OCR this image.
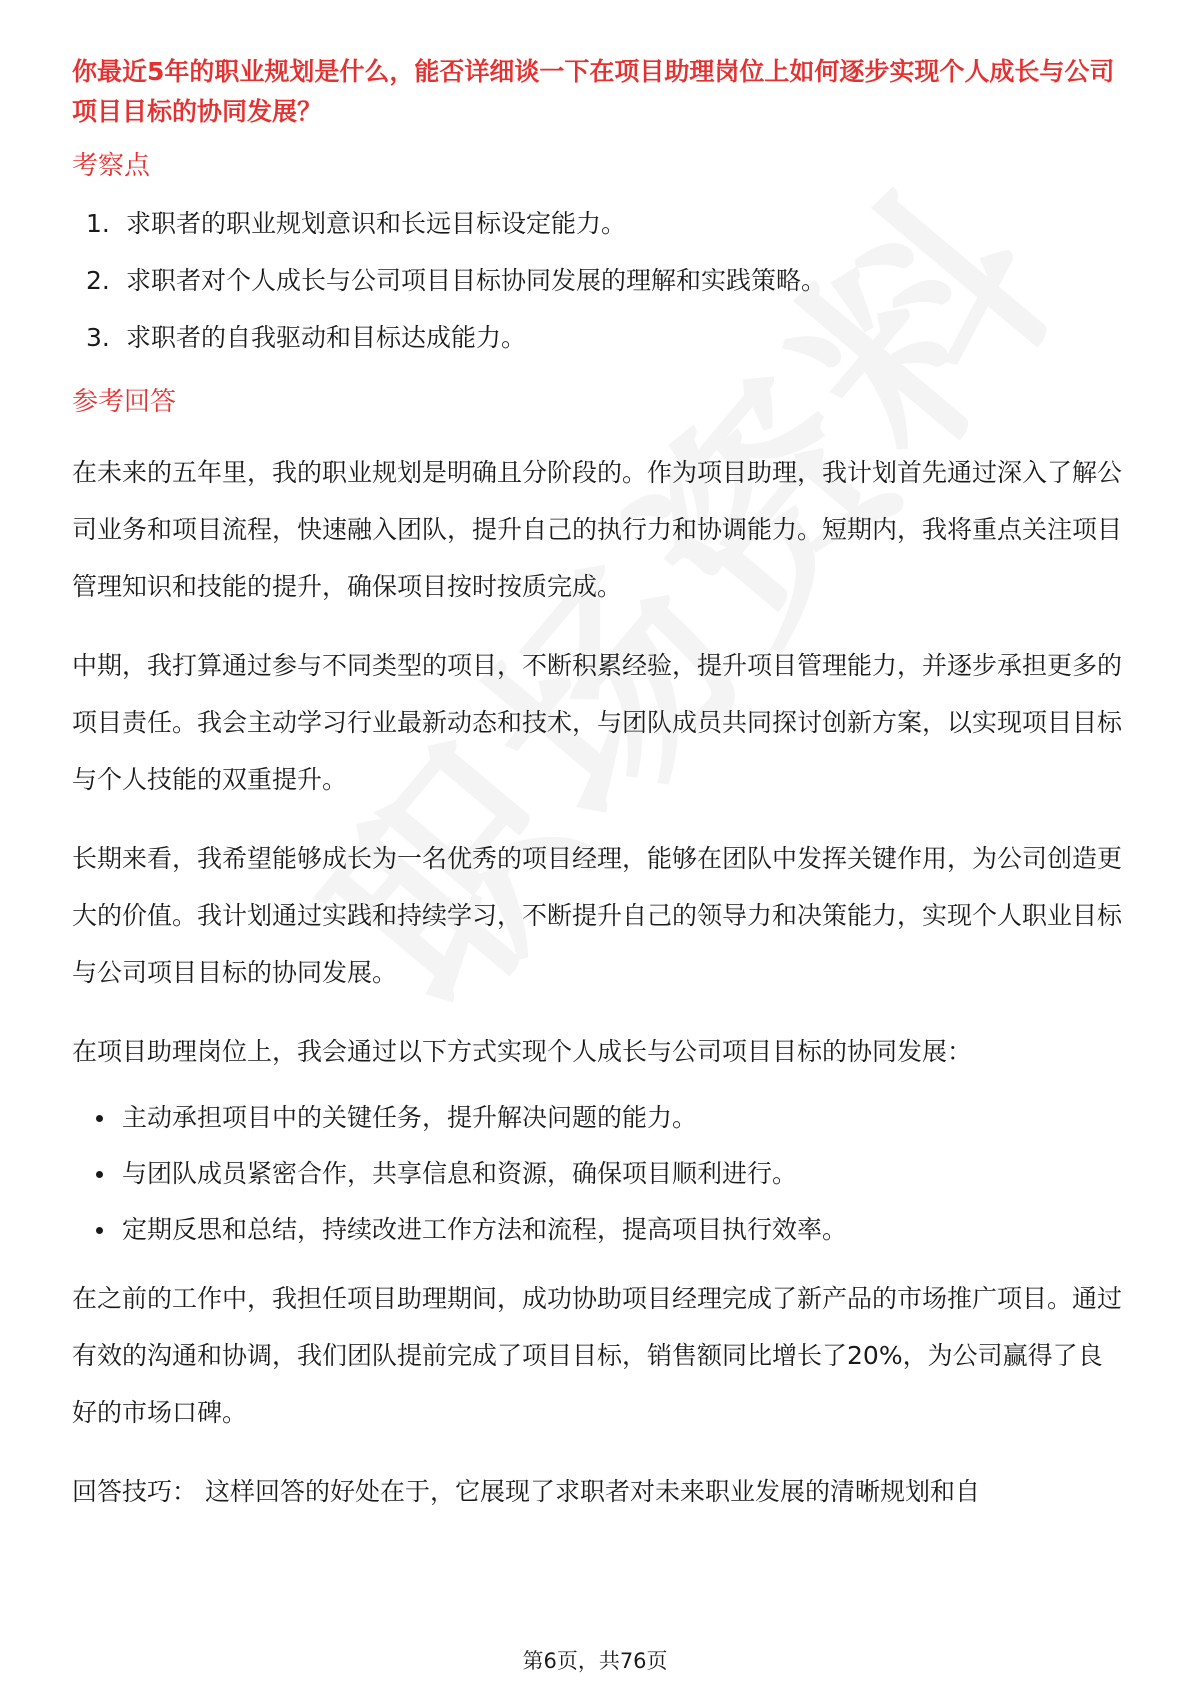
你最近5年的职业规划是什么，能否详细谈一下在项目助理岗位上如何逐步实现个人成长与公司项目目标的协同发展？

考察点

1. 求职者的职业规划意识和长远目标设定能力。
2. 求职者对个人成长与公司项目目标协同发展的理解和实践策略。
3. 求职者的自我驱动和目标达成能力。

参考回答

在未来的五年里，我的职业规划是明确且分阶段的。作为项目助理，我计划首先通过深入了解公司业务和项目流程，快速融入团队，提升自己的执行力和协调能力。短期内，我将重点关注项目管理知识和技能的提升，确保项目按时按质完成。

中期，我打算通过参与不同类型的项目，不断积累经验，提升项目管理能力，并逐步承担更多的项目责任。我会主动学习行业最新动态和技术，与团队成员共同探讨创新方案，以实现项目目标与个人技能的双重提升。

长期来看，我希望能够成长为一名优秀的项目经理，能够在团队中发挥关键作用，为公司创造更大的价值。我计划通过实践和持续学习，不断提升自己的领导力和决策能力，实现个人职业目标与公司项目目标的协同发展。

在项目助理岗位上，我会通过以下方式实现个人成长与公司项目目标的协同发展：

主动承担项目中的关键任务，提升解决问题的能力。
与团队成员紧密合作，共享信息和资源，确保项目顺利进行。
定期反思和总结，持续改进工作方法和流程，提高项目执行效率。

在之前的工作中，我担任项目助理期间，成功协助项目经理完成了新产品的市场推广项目。通过有效的沟通和协调，我们团队提前完成了项目目标，销售额同比增长了20%，为公司赢得了良好的市场口碑。

回答技巧： 这样回答的好处在于，它展现了求职者对未来职业发展的清晰规划和自

第6页，共76页
